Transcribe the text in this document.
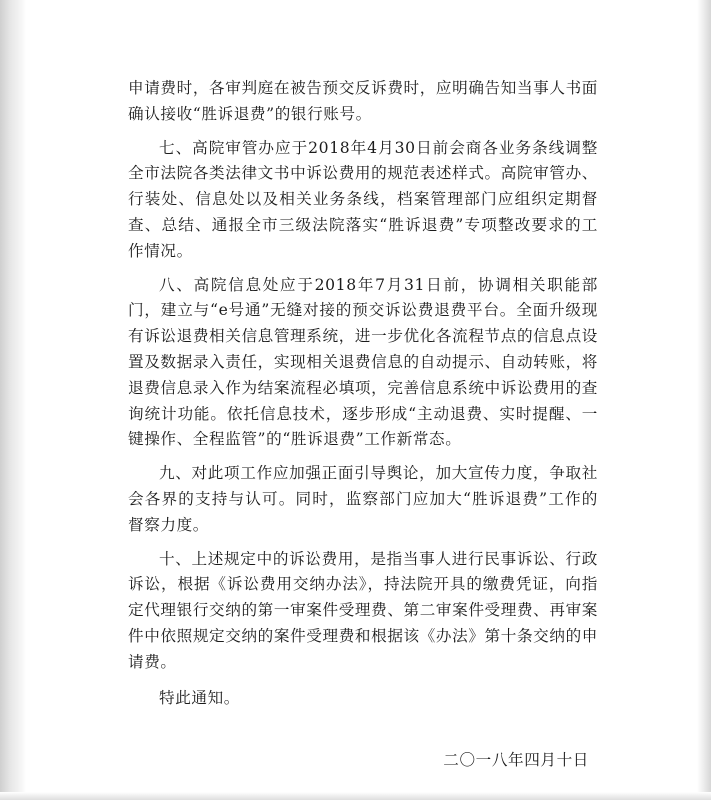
申请费时，各审判庭在被告预交反诉费时，应明确告知当事人书面确认接收“胜诉退费”的银行账号。

七、高院审管办应于2018年4月30日前会商各业务条线调整全市法院各类法律文书中诉讼费用的规范表述样式。高院审管办、行装处、信息处以及相关业务条线，档案管理部门应组织定期督查、总结、通报全市三级法院落实“胜诉退费”专项整改要求的工作情况。

八、高院信息处应于2018年7月31日前，协调相关职能部门，建立与“e号通”无缝对接的预交诉讼费退费平台。全面升级现有诉讼退费相关信息管理系统，进一步优化各流程节点的信息点设置及数据录入责任，实现相关退费信息的自动提示、自动转账，将退费信息录入作为结案流程必填项，完善信息系统中诉讼费用的查询统计功能。依托信息技术，逐步形成“主动退费、实时提醒、一键操作、全程监管”的“胜诉退费”工作新常态。

九、对此项工作应加强正面引导舆论，加大宣传力度，争取社会各界的支持与认可。同时，监察部门应加大“胜诉退费”工作的督察力度。

十、上述规定中的诉讼费用，是指当事人进行民事诉讼、行政诉讼，根据《诉讼费用交纳办法》，持法院开具的缴费凭证，向指定代理银行交纳的第一审案件受理费、第二审案件受理费、再审案件中依照规定交纳的案件受理费和根据该《办法》第十条交纳的申请费。

特此通知。

二〇一八年四月十日
